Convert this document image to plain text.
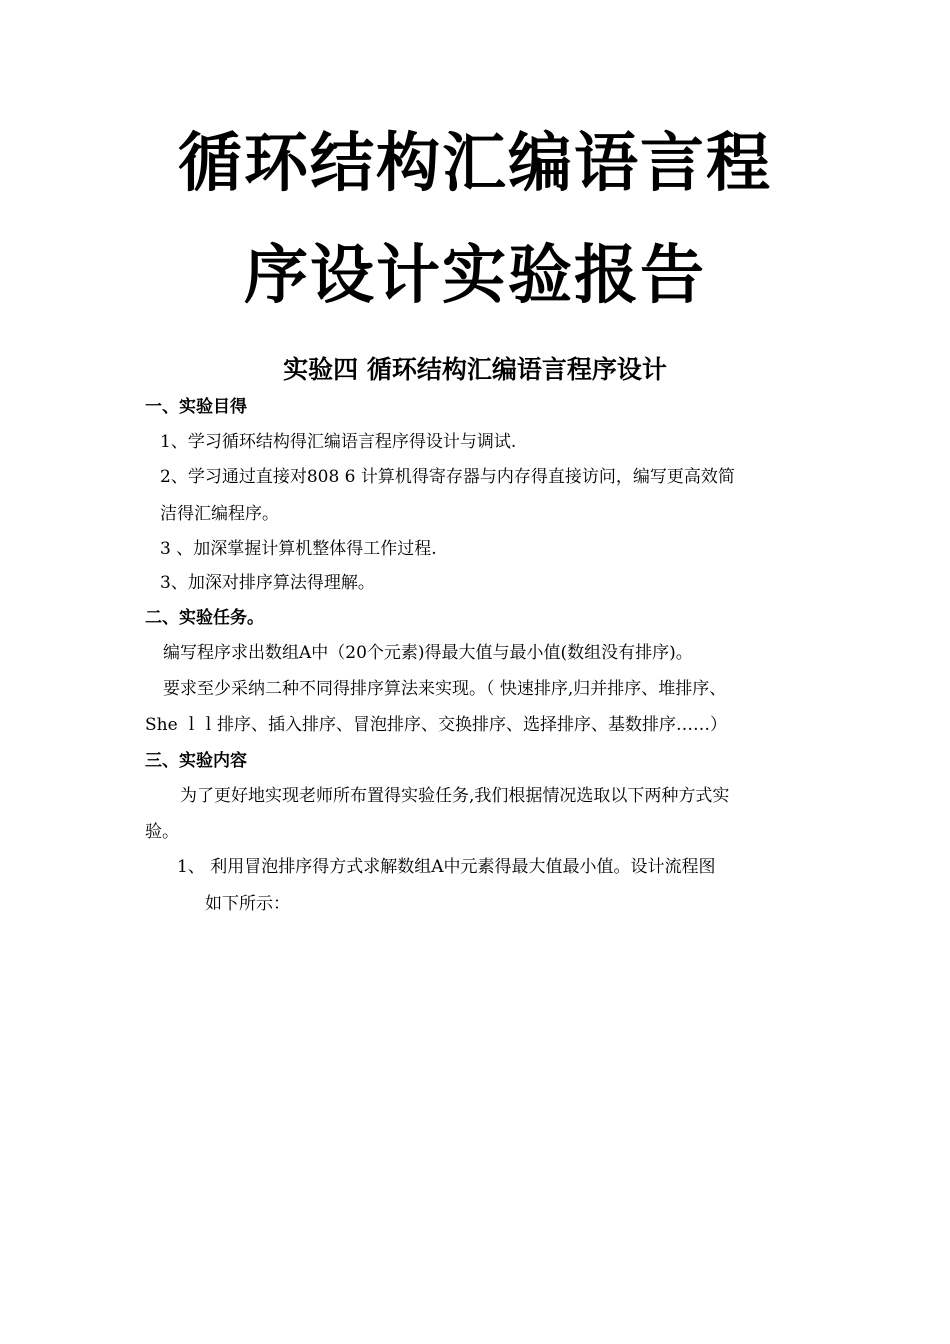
循环结构汇编语言程
序设计实验报告
实验四 循环结构汇编语言程序设计
一、实验目得
1、学习循环结构得汇编语言程序得设计与调试.
2、学习通过直接对808 6 计算机得寄存器与内存得直接访问，编写更高效简
洁得汇编程序。
3 、加深掌握计算机整体得工作过程.
3、加深对排序算法得理解。
二、实验任务。
编写程序求出数组A中（20个元素)得最大值与最小值(数组没有排序)。
要求至少采纳二种不同得排序算法来实现。（ 快速排序,归并排序、堆排序、
She ｌｌ排序、插入排序、冒泡排序、交换排序、选择排序、基数排序……）
三、实验内容
为了更好地实现老师所布置得实验任务,我们根据情况选取以下两种方式实
验。
1、 利用冒泡排序得方式求解数组A中元素得最大值最小值。设计流程图
如下所示：
